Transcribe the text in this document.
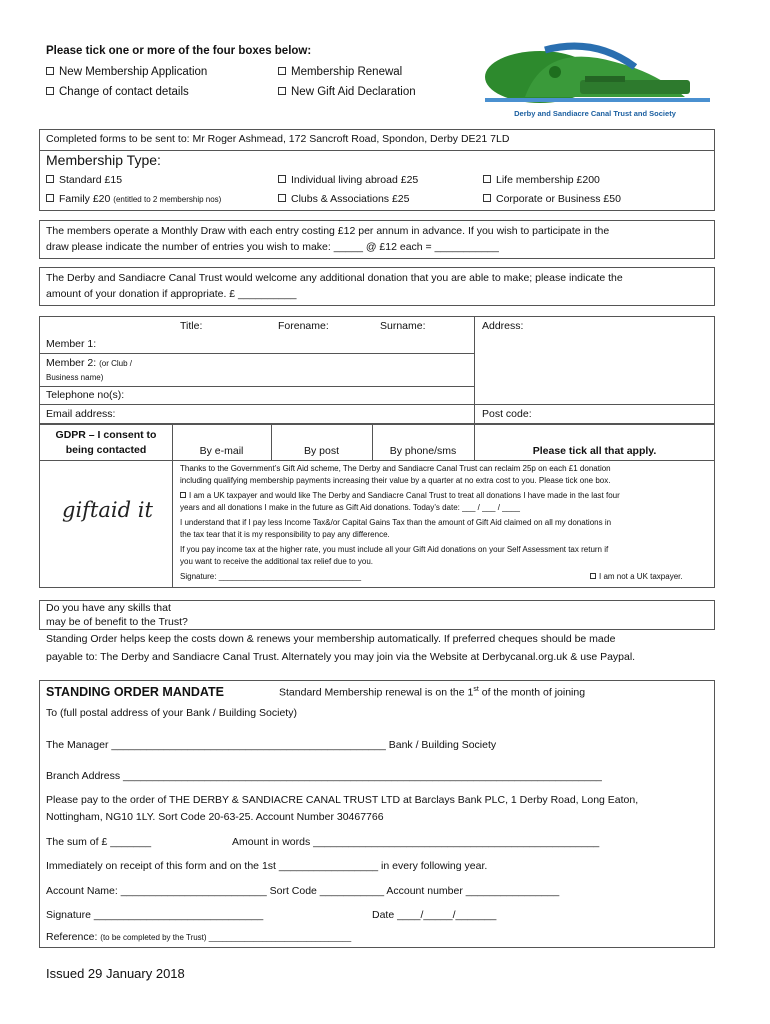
Please tick one or more of the four boxes below:
New Membership Application	Membership Renewal
Change of contact details	New Gift Aid Declaration
Derby and Sandiacre Canal Trust and Society
Completed forms to be sent to: Mr Roger Ashmead, 172 Sancroft Road, Spondon, Derby DE21 7LD
Membership Type:
Standard £15	Individual living abroad £25	Life membership £200
Family £20 (entitled to 2 membership nos)	Clubs & Associations £25	Corporate or Business £50
The members operate a Monthly Draw with each entry costing £12 per annum in advance. If you wish to participate in the
draw please indicate the number of entries you wish to make: _____ @ £12 each = ___________
The Derby and Sandiacre Canal Trust would welcome any additional donation that you are able to make; please indicate the
amount of your donation if appropriate. £ __________
Title:	Forename:	Surname:	Address:
Member 1:
Member 2: (or Club /
Business name)
Telephone no(s):
Email address:	Post code:
GDPR – I consent to
being contacted	By e-mail	By post	By phone/sms	Please tick all that apply.
giftaid it
Thanks to the Government’s Gift Aid scheme, The Derby and Sandiacre Canal Trust can reclaim 25p on each £1 donation
including qualifying membership payments increasing their value by a quarter at no extra cost to you. Please tick one box.
I am a UK taxpayer and would like The Derby and Sandiacre Canal Trust to treat all donations I have made in the last four
years and all donations I make in the future as Gift Aid donations. Today’s date: ___ / ___ / ____
I understand that if I pay less Income Tax&/or Capital Gains Tax than the amount of Gift Aid claimed on all my donations in
the tax tear that it is my responsibility to pay any difference.
If you pay income tax at the higher rate, you must include all your Gift Aid donations on your Self Assessment tax return if
you want to receive the additional tax relief due to you.
Signature: ________________________________	I am not a UK taxpayer.
Do you have any skills that
may be of benefit to the Trust?
Standing Order helps keep the costs down & renews your membership automatically. If preferred cheques should be made
payable to: The Derby and Sandiacre Canal Trust. Alternately you may join via the Website at Derbycanal.org.uk & use Paypal.
STANDING ORDER MANDATE	Standard Membership renewal is on the 1st of the month of joining
To (full postal address of your Bank / Building Society)
The Manager _______________________________________________ Bank / Building Society
Branch Address __________________________________________________________________________________
Please pay to the order of THE DERBY & SANDIACRE CANAL TRUST LTD at Barclays Bank PLC, 1 Derby Road, Long Eaton,
Nottingham, NG10 1LY. Sort Code 20-63-25. Account Number 30467766
The sum of £ _______	Amount in words _________________________________________________
Immediately on receipt of this form and on the 1st _________________ in every following year.
Account Name: _________________________ Sort Code ___________ Account number ________________
Signature _____________________________	Date ____/_____/_______
Reference: (to be completed by the Trust) ________________________________
Issued 29 January 2018
